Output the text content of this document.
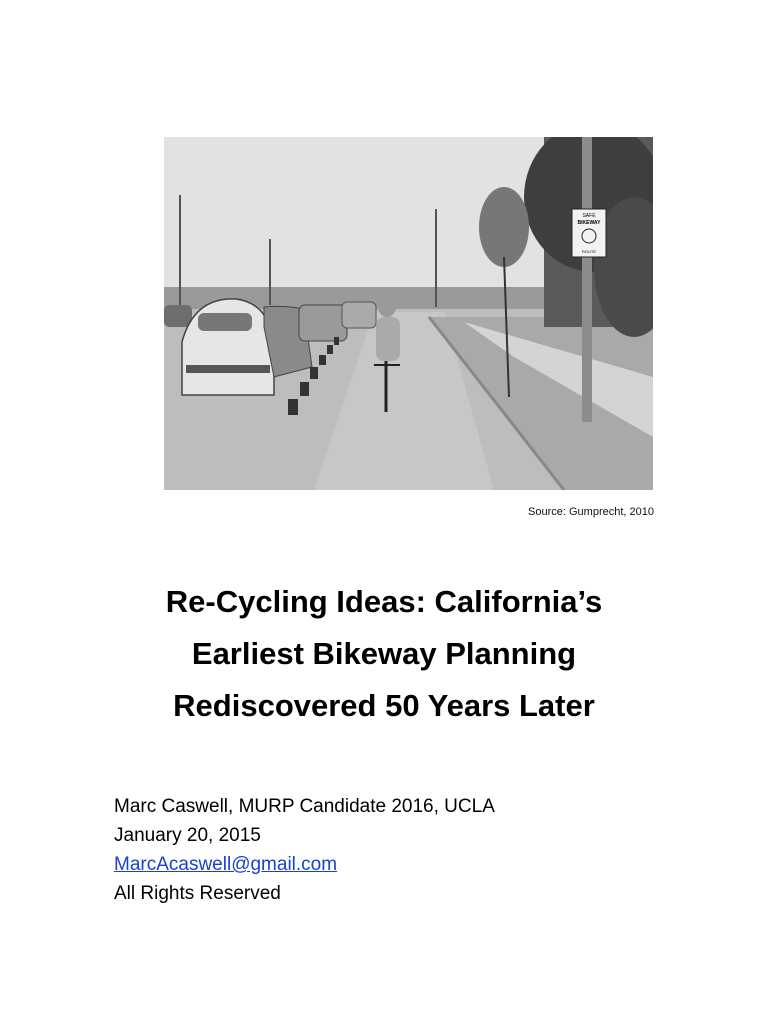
SAFE
BIKEWAY
ROUTE
Source: Gumprecht, 2010
Re-Cycling Ideas: California’s
Earliest Bikeway Planning
Rediscovered 50 Years Later
Marc Caswell, MURP Candidate 2016, UCLA
January 20, 2015
MarcAcaswell@gmail.com
All Rights Reserved
